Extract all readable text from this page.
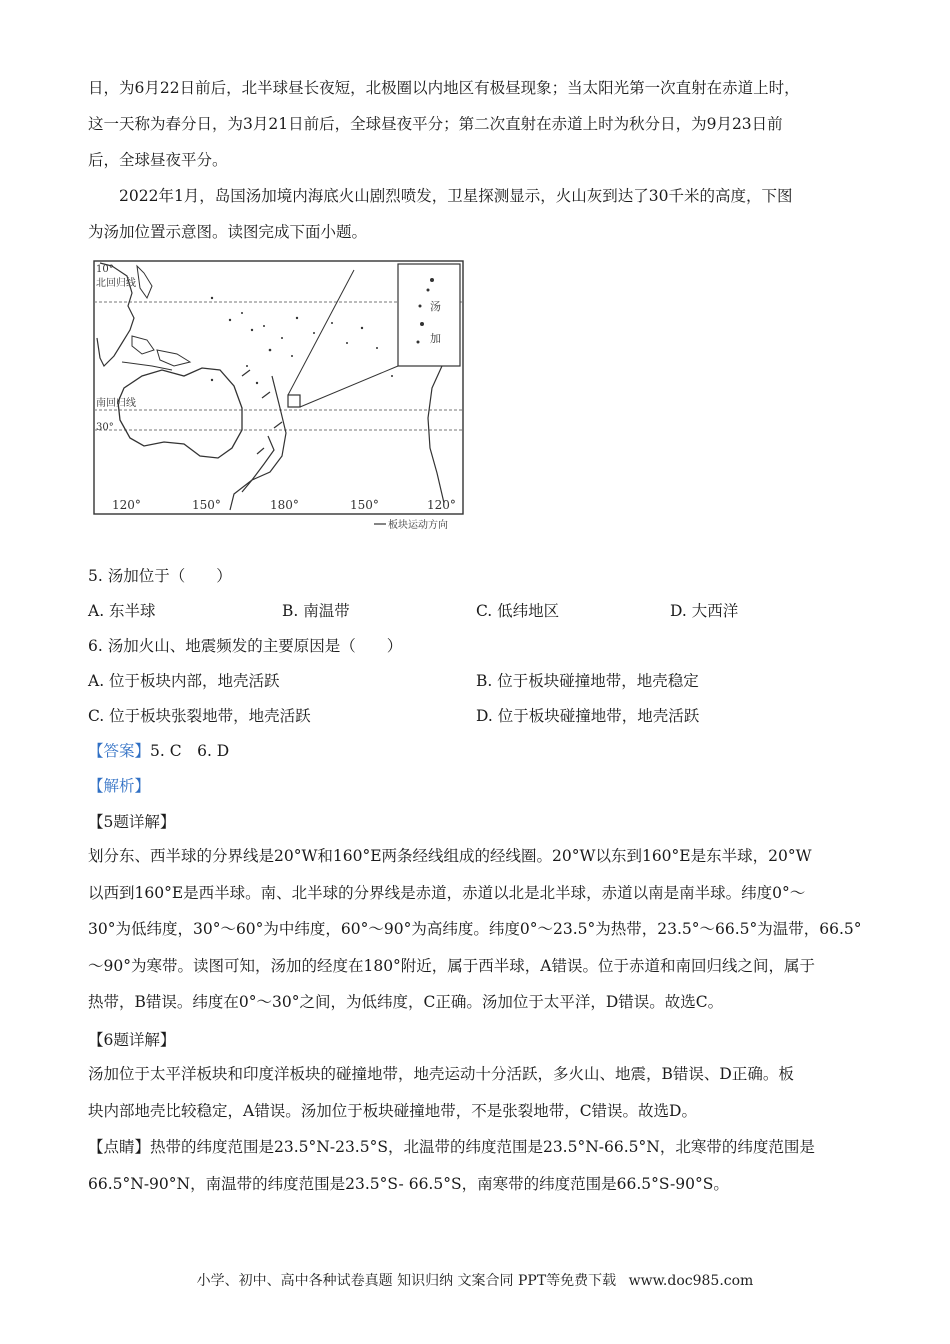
日，为6月22日前后，北半球昼长夜短，北极圈以内地区有极昼现象；当太阳光第一次直射在赤道上时，
这一天称为春分日，为3月21日前后，全球昼夜平分；第二次直射在赤道上时为秋分日，为9月23日前
后，全球昼夜平分。
2022年1月，岛国汤加境内海底火山剧烈喷发，卫星探测显示，火山灰到达了30千米的高度，下图
为汤加位置示意图。读图完成下面小题。
汤
加
10°
北回归线
南回归线
30°
120°	150°	180°	150°	120°
板块运动方向
5. 汤加位于（　　）
A. 东半球	B. 南温带	C. 低纬地区	D. 大西洋
6. 汤加火山、地震频发的主要原因是（　　）
A. 位于板块内部，地壳活跃	B. 位于板块碰撞地带，地壳稳定
C. 位于板块张裂地带，地壳活跃	D. 位于板块碰撞地带，地壳活跃
【答案】5. C　6. D
【解析】
【5题详解】
划分东、西半球的分界线是20°W和160°E两条经线组成的经线圈。20°W以东到160°E是东半球，20°W
以西到160°E是西半球。南、北半球的分界线是赤道，赤道以北是北半球，赤道以南是南半球。纬度0°～
30°为低纬度，30°～60°为中纬度，60°～90°为高纬度。纬度0°～23.5°为热带，23.5°～66.5°为温带，66.5°
～90°为寒带。读图可知，汤加的经度在180°附近，属于西半球，A错误。位于赤道和南回归线之间，属于
热带，B错误。纬度在0°～30°之间，为低纬度，C正确。汤加位于太平洋，D错误。故选C。
【6题详解】
汤加位于太平洋板块和印度洋板块的碰撞地带，地壳运动十分活跃，多火山、地震，B错误、D正确。板
块内部地壳比较稳定，A错误。汤加位于板块碰撞地带，不是张裂地带，C错误。故选D。
【点睛】热带的纬度范围是23.5°N-23.5°S，北温带的纬度范围是23.5°N-66.5°N，北寒带的纬度范围是
66.5°N-90°N，南温带的纬度范围是23.5°S- 66.5°S，南寒带的纬度范围是66.5°S-90°S。
小学、初中、高中各种试卷真题 知识归纳 文案合同 PPT等免费下载 www.doc985.com
